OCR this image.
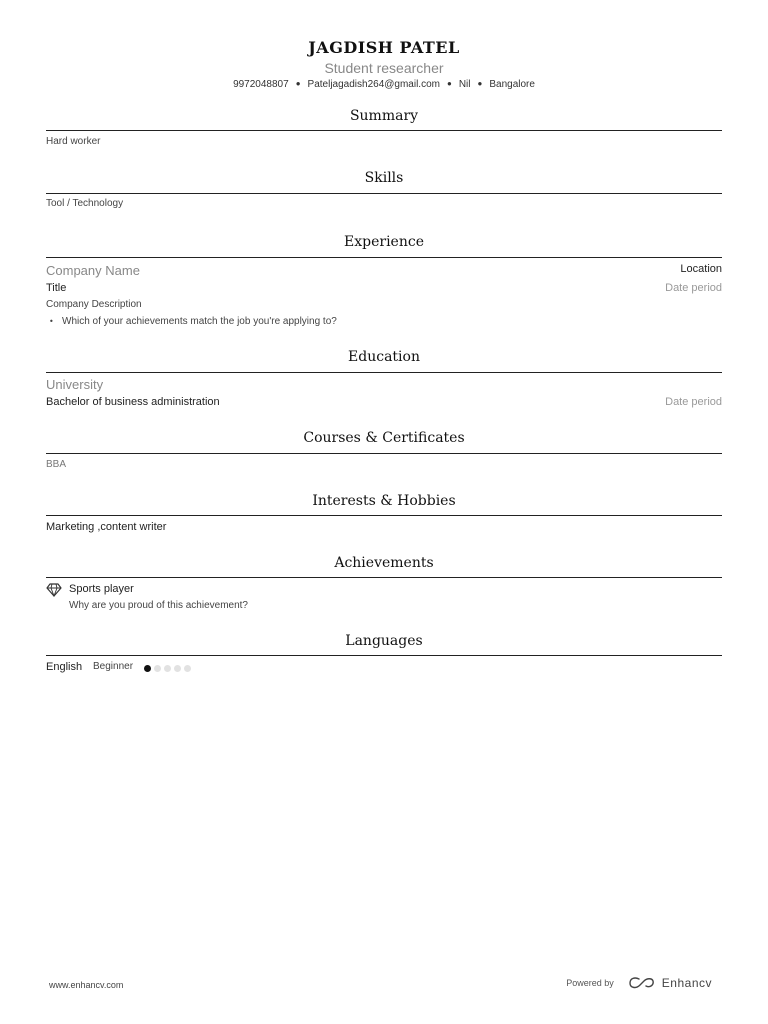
JAGDISH PATEL
Student researcher
9972048807 ● Pateljagadish264@gmail.com ● Nil ● Bangalore
Summary
Hard worker
Skills
Tool / Technology
Experience
Company Name	Location
Title	Date period
Company Description
• Which of your achievements match the job you're applying to?
Education
University
Bachelor of business administration	Date period
Courses & Certificates
BBA
Interests & Hobbies
Marketing ,content writer
Achievements
Sports player
Why are you proud of this achievement?
Languages
English Beginner
www.enhancv.com	Powered by	Enhancv
